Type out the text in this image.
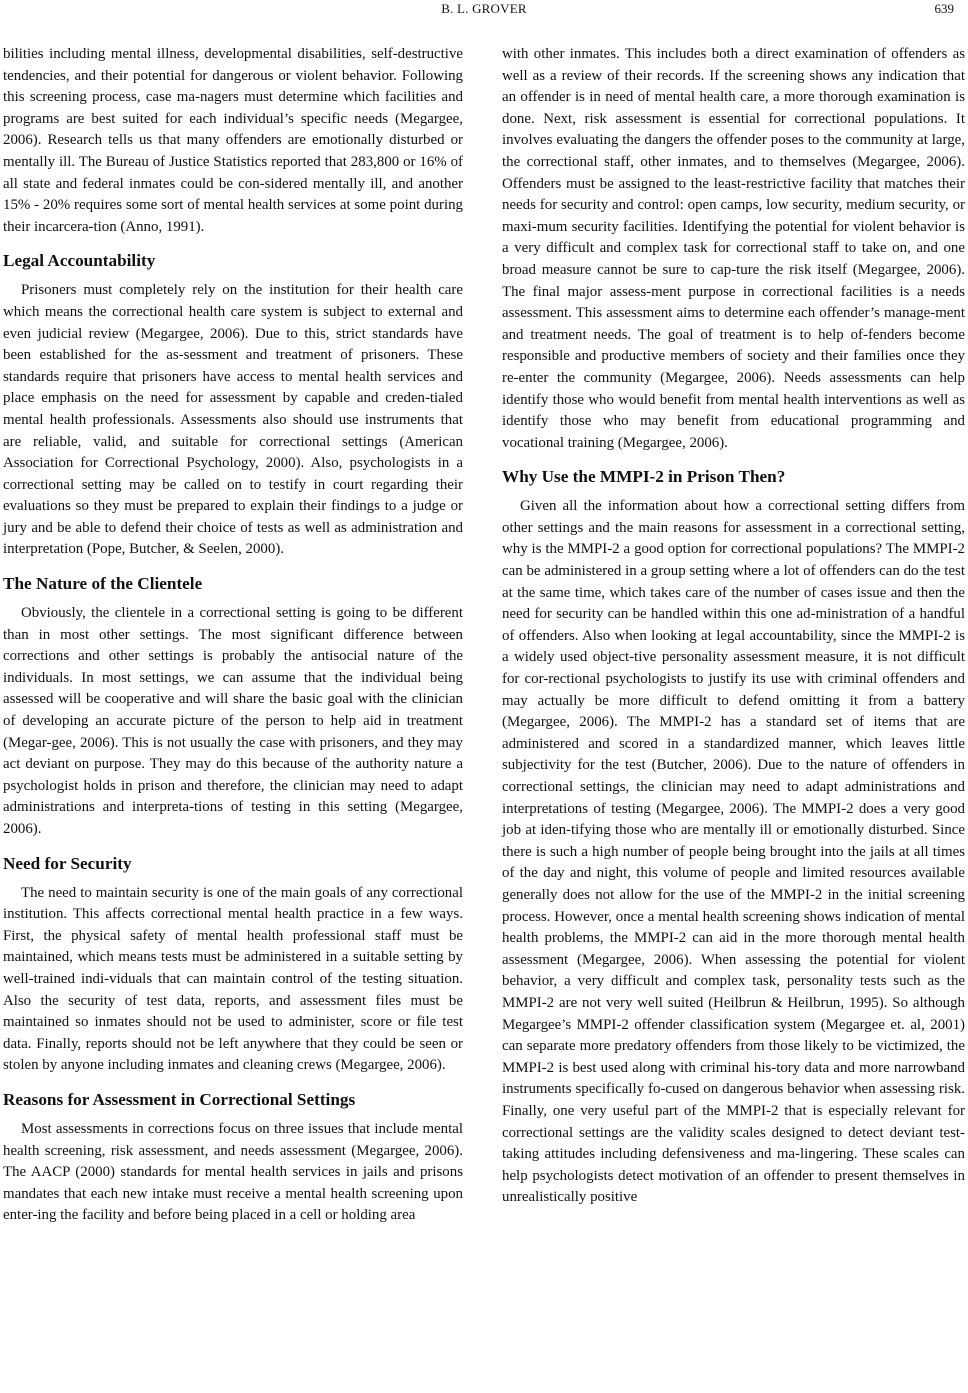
B. L. GROVER	639

bilities including mental illness, developmental disabilities, self-destructive tendencies, and their potential for dangerous or violent behavior. Following this screening process, case ma-nagers must determine which facilities and programs are best suited for each individual’s specific needs (Megargee, 2006). Research tells us that many offenders are emotionally disturbed or mentally ill. The Bureau of Justice Statistics reported that 283,800 or 16% of all state and federal inmates could be con-sidered mentally ill, and another 15% - 20% requires some sort of mental health services at some point during their incarcera-tion (Anno, 1991).

Legal Accountability

Prisoners must completely rely on the institution for their health care which means the correctional health care system is subject to external and even judicial review (Megargee, 2006). Due to this, strict standards have been established for the as-sessment and treatment of prisoners. These standards require that prisoners have access to mental health services and place emphasis on the need for assessment by capable and creden-tialed mental health professionals. Assessments also should use instruments that are reliable, valid, and suitable for correctional settings (American Association for Correctional Psychology, 2000). Also, psychologists in a correctional setting may be called on to testify in court regarding their evaluations so they must be prepared to explain their findings to a judge or jury and be able to defend their choice of tests as well as administration and interpretation (Pope, Butcher, & Seelen, 2000).

The Nature of the Clientele

Obviously, the clientele in a correctional setting is going to be different than in most other settings. The most significant difference between corrections and other settings is probably the antisocial nature of the individuals. In most settings, we can assume that the individual being assessed will be cooperative and will share the basic goal with the clinician of developing an accurate picture of the person to help aid in treatment (Megar-gee, 2006). This is not usually the case with prisoners, and they may act deviant on purpose. They may do this because of the authority nature a psychologist holds in prison and therefore, the clinician may need to adapt administrations and interpreta-tions of testing in this setting (Megargee, 2006).

Need for Security

The need to maintain security is one of the main goals of any correctional institution. This affects correctional mental health practice in a few ways. First, the physical safety of mental health professional staff must be maintained, which means tests must be administered in a suitable setting by well-trained indi-viduals that can maintain control of the testing situation. Also the security of test data, reports, and assessment files must be maintained so inmates should not be used to administer, score or file test data. Finally, reports should not be left anywhere that they could be seen or stolen by anyone including inmates and cleaning crews (Megargee, 2006).

Reasons for Assessment in Correctional Settings

Most assessments in corrections focus on three issues that include mental health screening, risk assessment, and needs assessment (Megargee, 2006). The AACP (2000) standards for mental health services in jails and prisons mandates that each new intake must receive a mental health screening upon enter-ing the facility and before being placed in a cell or holding area

with other inmates. This includes both a direct examination of offenders as well as a review of their records. If the screening shows any indication that an offender is in need of mental health care, a more thorough examination is done. Next, risk assessment is essential for correctional populations. It involves evaluating the dangers the offender poses to the community at large, the correctional staff, other inmates, and to themselves (Megargee, 2006). Offenders must be assigned to the least-restrictive facility that matches their needs for security and control: open camps, low security, medium security, or maxi-mum security facilities. Identifying the potential for violent behavior is a very difficult and complex task for correctional staff to take on, and one broad measure cannot be sure to cap-ture the risk itself (Megargee, 2006). The final major assess-ment purpose in correctional facilities is a needs assessment. This assessment aims to determine each offender’s manage-ment and treatment needs. The goal of treatment is to help of-fenders become responsible and productive members of society and their families once they re-enter the community (Megargee, 2006). Needs assessments can help identify those who would benefit from mental health interventions as well as identify those who may benefit from educational programming and vocational training (Megargee, 2006).

Why Use the MMPI-2 in Prison Then?

Given all the information about how a correctional setting differs from other settings and the main reasons for assessment in a correctional setting, why is the MMPI-2 a good option for correctional populations? The MMPI-2 can be administered in a group setting where a lot of offenders can do the test at the same time, which takes care of the number of cases issue and then the need for security can be handled within this one ad-ministration of a handful of offenders. Also when looking at legal accountability, since the MMPI-2 is a widely used object-tive personality assessment measure, it is not difficult for cor-rectional psychologists to justify its use with criminal offenders and may actually be more difficult to defend omitting it from a battery (Megargee, 2006). The MMPI-2 has a standard set of items that are administered and scored in a standardized manner, which leaves little subjectivity for the test (Butcher, 2006). Due to the nature of offenders in correctional settings, the clinician may need to adapt administrations and interpretations of testing (Megargee, 2006). The MMPI-2 does a very good job at iden-tifying those who are mentally ill or emotionally disturbed. Since there is such a high number of people being brought into the jails at all times of the day and night, this volume of people and limited resources available generally does not allow for the use of the MMPI-2 in the initial screening process. However, once a mental health screening shows indication of mental health problems, the MMPI-2 can aid in the more thorough mental health assessment (Megargee, 2006). When assessing the potential for violent behavior, a very difficult and complex task, personality tests such as the MMPI-2 are not very well suited (Heilbrun & Heilbrun, 1995). So although Megargee’s MMPI-2 offender classification system (Megargee et. al, 2001) can separate more predatory offenders from those likely to be victimized, the MMPI-2 is best used along with criminal his-tory data and more narrowband instruments specifically fo-cused on dangerous behavior when assessing risk. Finally, one very useful part of the MMPI-2 that is especially relevant for correctional settings are the validity scales designed to detect deviant test-taking attitudes including defensiveness and ma-lingering. These scales can help psychologists detect motivation of an offender to present themselves in unrealistically positive
